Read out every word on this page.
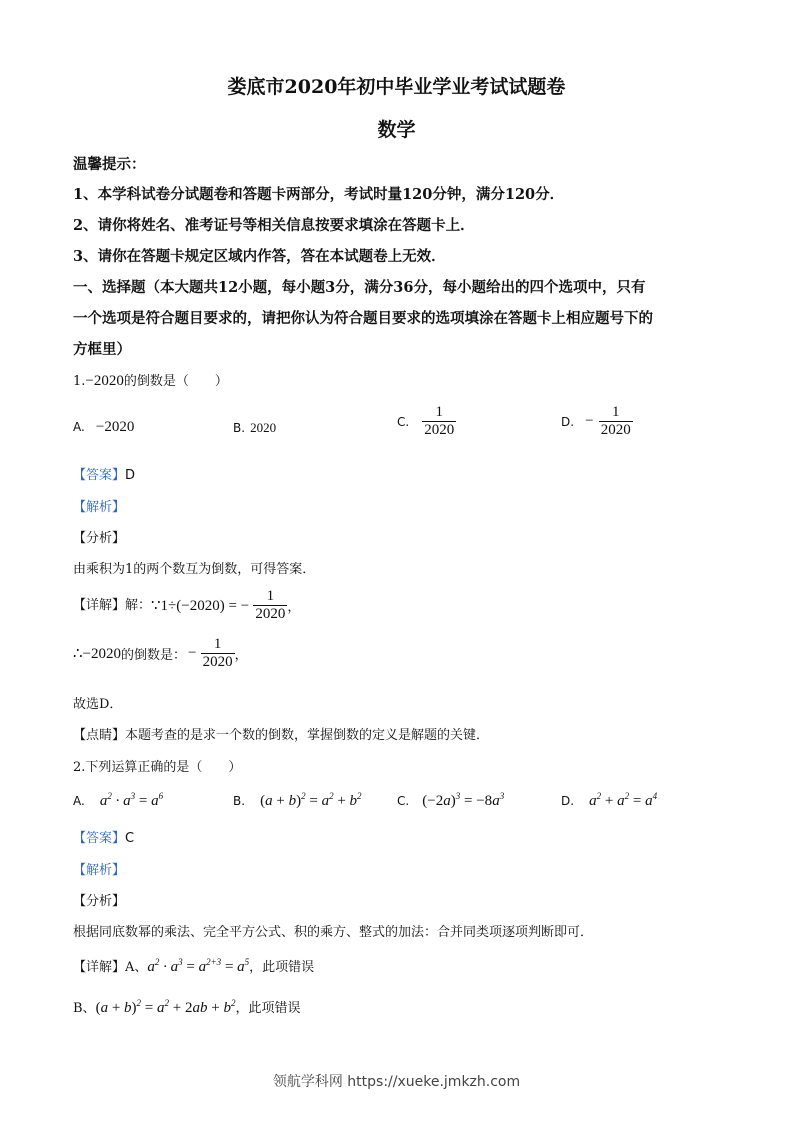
娄底市2020年初中毕业学业考试试题卷
数学
温馨提示：
1、本学科试卷分试题卷和答题卡两部分，考试时量120分钟，满分120分．
2、请你将姓名、准考证号等相关信息按要求填涂在答题卡上．
3、请你在答题卡规定区域内作答，答在本试题卷上无效．
一、选择题（本大题共12小题，每小题3分，满分36分，每小题给出的四个选项中，只有
一个选项是符合题目要求的，请把你认为符合题目要求的选项填涂在答题卡上相应题号下的
方框里）
1.−2020的倒数是（　　）
A. −2020	B. 2020	C. $\frac{1}{2020}$	D. − $\frac{1}{2020}$
【答案】D
【解析】
【分析】
由乘积为1的两个数互为倒数，可得答案．
【详解】解：∵1÷(−2020) = − $\frac{1}{2020}$ ，
∴−2020的倒数是： − $\frac{1}{2020}$ ，
故选D．
【点睛】本题考查的是求一个数的倒数，掌握倒数的定义是解题的关键．
2.下列运算正确的是（　　）
A. $a^2 \cdot a^3 = a^6$	B. $(a + b)^2 = a^2 + b^2$	C. $(-2a)^3 = -8a^3$	D. $a^2 + a^2 = a^4$
【答案】C
【解析】
【分析】
根据同底数幂的乘法、完全平方公式、积的乘方、整式的加法：合并同类项逐项判断即可．
【详解】A、$a^2 \cdot a^3 = a^{2+3} = a^5$，此项错误
B、$(a + b)^2 = a^2 + 2ab + b^2$，此项错误
领航学科网 https://xueke.jmkzh.com
